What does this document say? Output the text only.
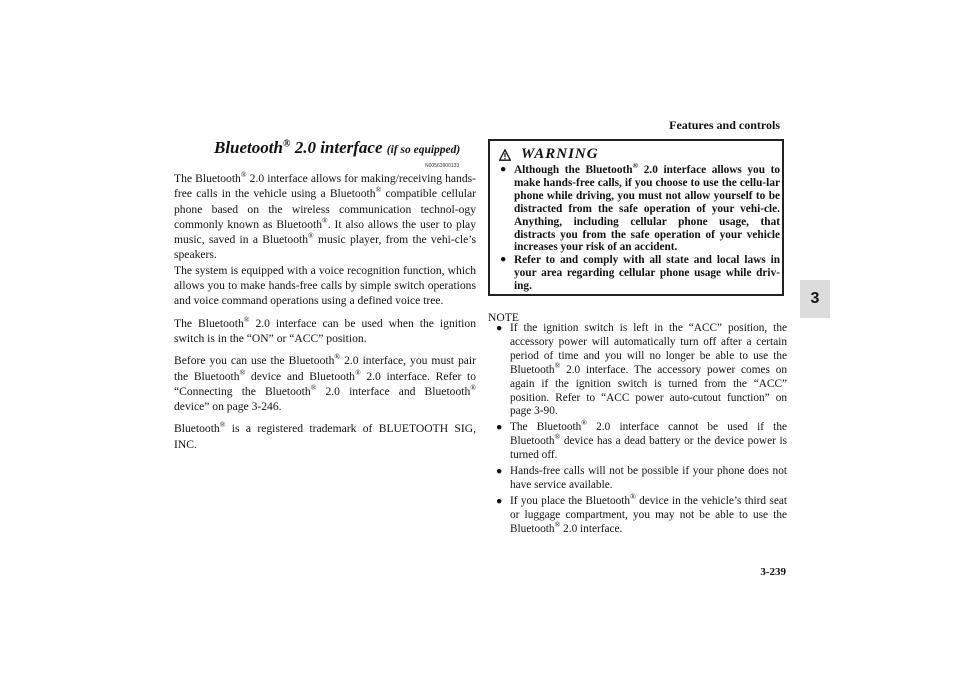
Features and controls
3
Bluetooth® 2.0 interface (if so equipped)
N00563900133

The Bluetooth® 2.0 interface allows for making/receiving hands-free calls in the vehicle using a Bluetooth® compatible cellular phone based on the wireless communication technol-ogy commonly known as Bluetooth®. It also allows the user to play music, saved in a Bluetooth® music player, from the vehi-cle’s speakers.

The system is equipped with a voice recognition function, which allows you to make hands-free calls by simple switch operations and voice command operations using a defined voice tree.

The Bluetooth® 2.0 interface can be used when the ignition switch is in the “ON” or “ACC” position.

Before you can use the Bluetooth® 2.0 interface, you must pair the Bluetooth® device and Bluetooth® 2.0 interface. Refer to “Connecting the Bluetooth® 2.0 interface and Bluetooth® device” on page 3-246.

Bluetooth® is a registered trademark of BLUETOOTH SIG, INC.

WARNING
● Although the Bluetooth® 2.0 interface allows you to make hands-free calls, if you choose to use the cellu-lar phone while driving, you must not allow yourself to be distracted from the safe operation of your vehi-cle. Anything, including cellular phone usage, that distracts you from the safe operation of your vehicle increases your risk of an accident.
● Refer to and comply with all state and local laws in your area regarding cellular phone usage while driv-ing.
NOTE
● If the ignition switch is left in the “ACC” position, the accessory power will automatically turn off after a certain period of time and you will no longer be able to use the Bluetooth® 2.0 interface. The accessory power comes on again if the ignition switch is turned from the “ACC” position. Refer to “ACC power auto-cutout function” on page 3-90.
● The Bluetooth® 2.0 interface cannot be used if the Bluetooth® device has a dead battery or the device power is turned off.
● Hands-free calls will not be possible if your phone does not have service available.
● If you place the Bluetooth® device in the vehicle’s third seat or luggage compartment, you may not be able to use the Bluetooth® 2.0 interface.
3-239
